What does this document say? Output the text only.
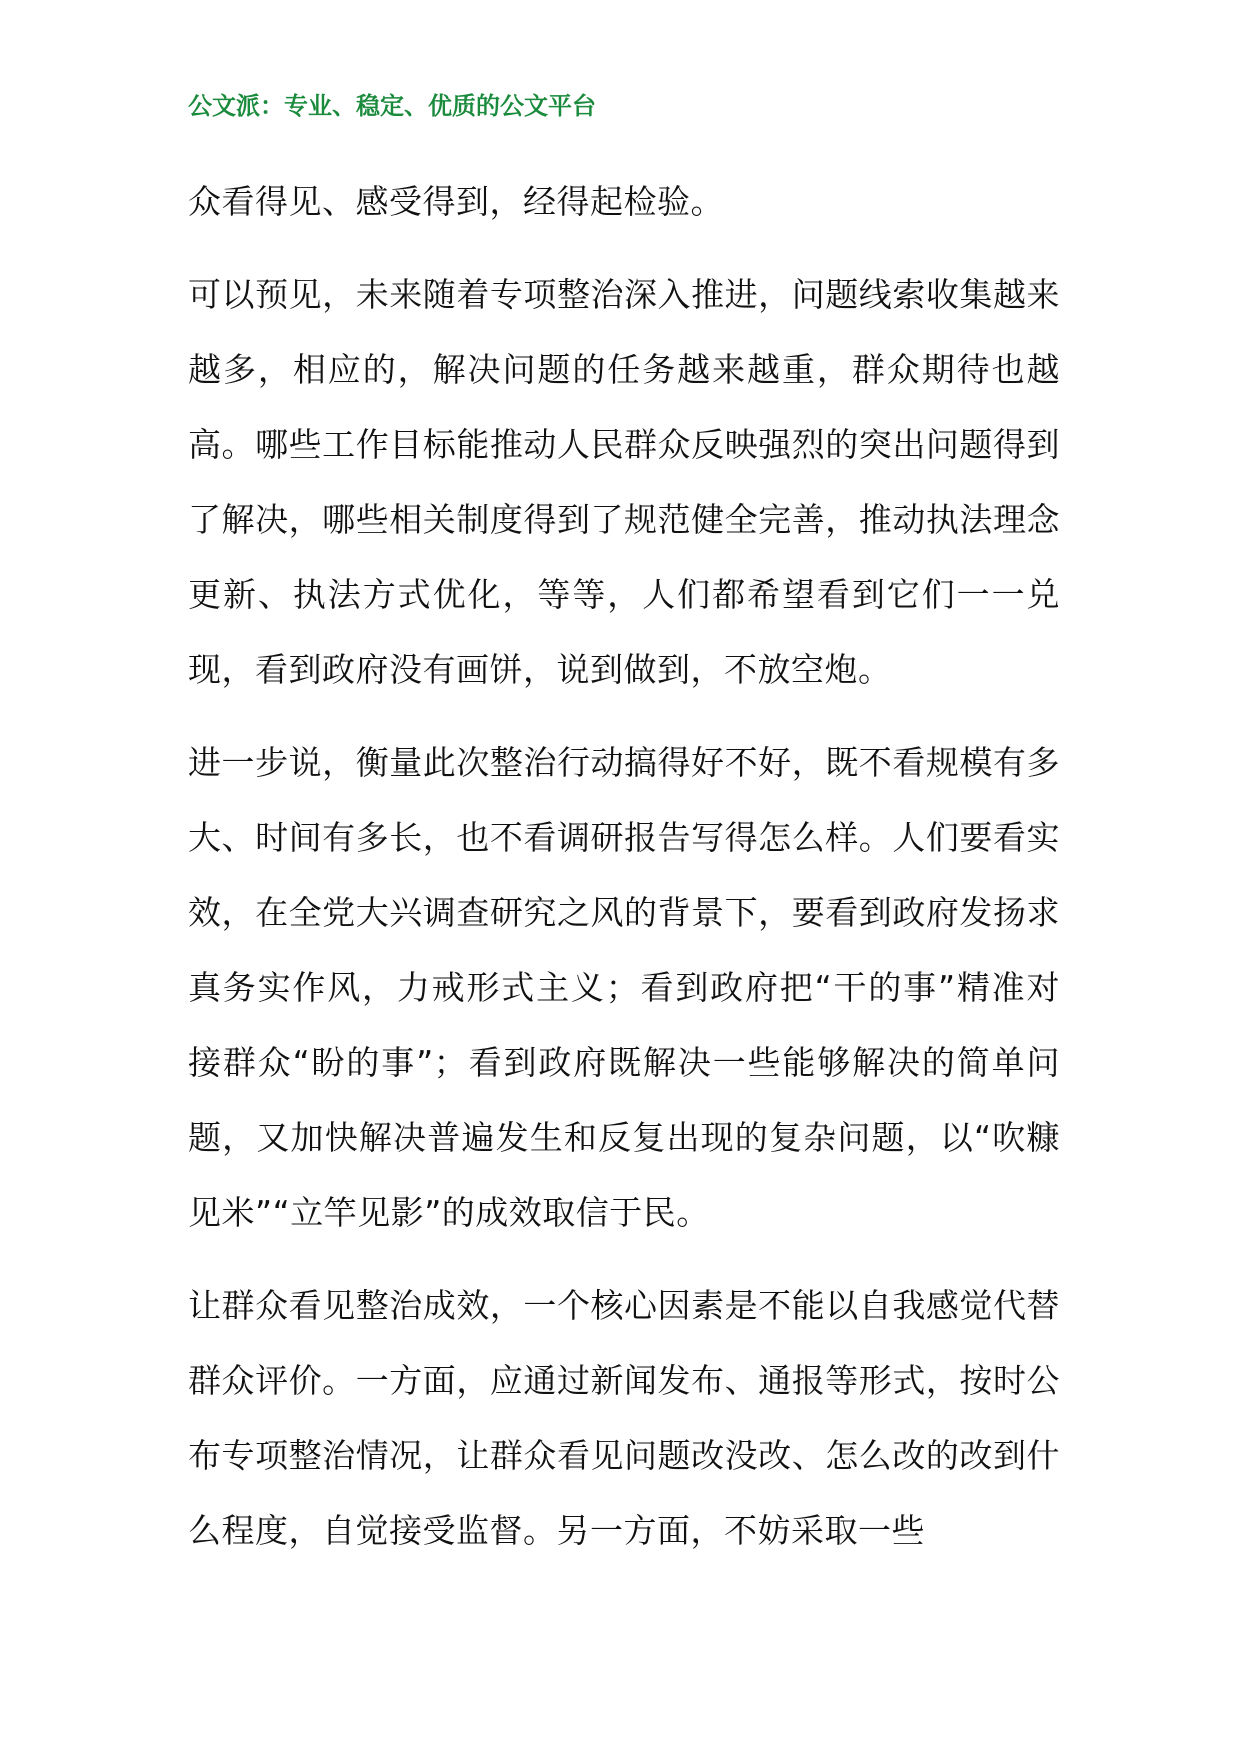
公文派：专业、稳定、优质的公文平台

众看得见、感受得到，经得起检验。

可以预见，未来随着专项整治深入推进，问题线索收集越来越多，相应的，解决问题的任务越来越重，群众期待也越高。哪些工作目标能推动人民群众反映强烈的突出问题得到了解决，哪些相关制度得到了规范健全完善，推动执法理念更新、执法方式优化，等等，人们都希望看到它们一一兑现，看到政府没有画饼，说到做到，不放空炮。

进一步说，衡量此次整治行动搞得好不好，既不看规模有多大、时间有多长，也不看调研报告写得怎么样。人们要看实效，在全党大兴调查研究之风的背景下，要看到政府发扬求真务实作风，力戒形式主义；看到政府把“干的事”精准对接群众“盼的事”；看到政府既解决一些能够解决的简单问题，又加快解决普遍发生和反复出现的复杂问题，以“吹糠见米”“立竿见影”的成效取信于民。

让群众看见整治成效，一个核心因素是不能以自我感觉代替群众评价。一方面，应通过新闻发布、通报等形式，按时公布专项整治情况，让群众看见问题改没改、怎么改的改到什么程度，自觉接受监督。另一方面，不妨采取一些
